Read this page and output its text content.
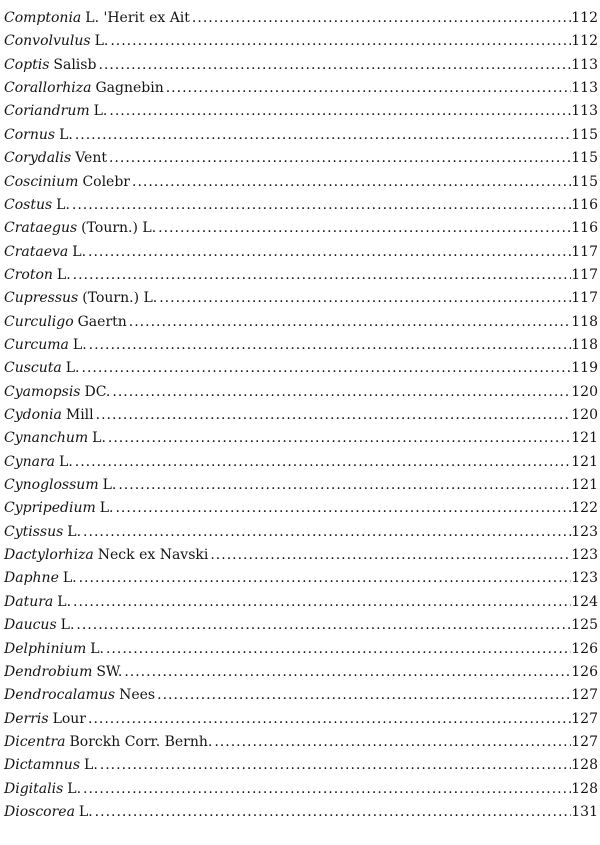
Comptonia L. 'Herit ex Ait .....	112
Convolvulus L. .....	112
Coptis Salisb .....	113
Corallorhiza Gagnebin .....	113
Coriandrum L. .....	113
Cornus L. .....	115
Corydalis Vent .....	115
Coscinium Colebr .....	115
Costus L. .....	116
Crataegus (Tourn.) L. .....	116
Crataeva L. .....	117
Croton L. .....	117
Cupressus (Tourn.) L. .....	117
Curculigo Gaertn .....	118
Curcuma L. .....	118
Cuscuta L. .....	119
Cyamopsis DC. .....	120
Cydonia Mill .....	120
Cynanchum L. .....	121
Cynara L. .....	121
Cynoglossum L. .....	121
Cypripedium L. .....	122
Cytissus L. .....	123
Dactylorhiza Neck ex Navski .....	123
Daphne L. .....	123
Datura L. .....	124
Daucus L. .....	125
Delphinium L. .....	126
Dendrobium SW. .....	126
Dendrocalamus Nees .....	127
Derris Lour .....	127
Dicentra Borckh Corr. Bernh. .....	127
Dictamnus L. .....	128
Digitalis L. .....	128
Dioscorea L. .....	131
